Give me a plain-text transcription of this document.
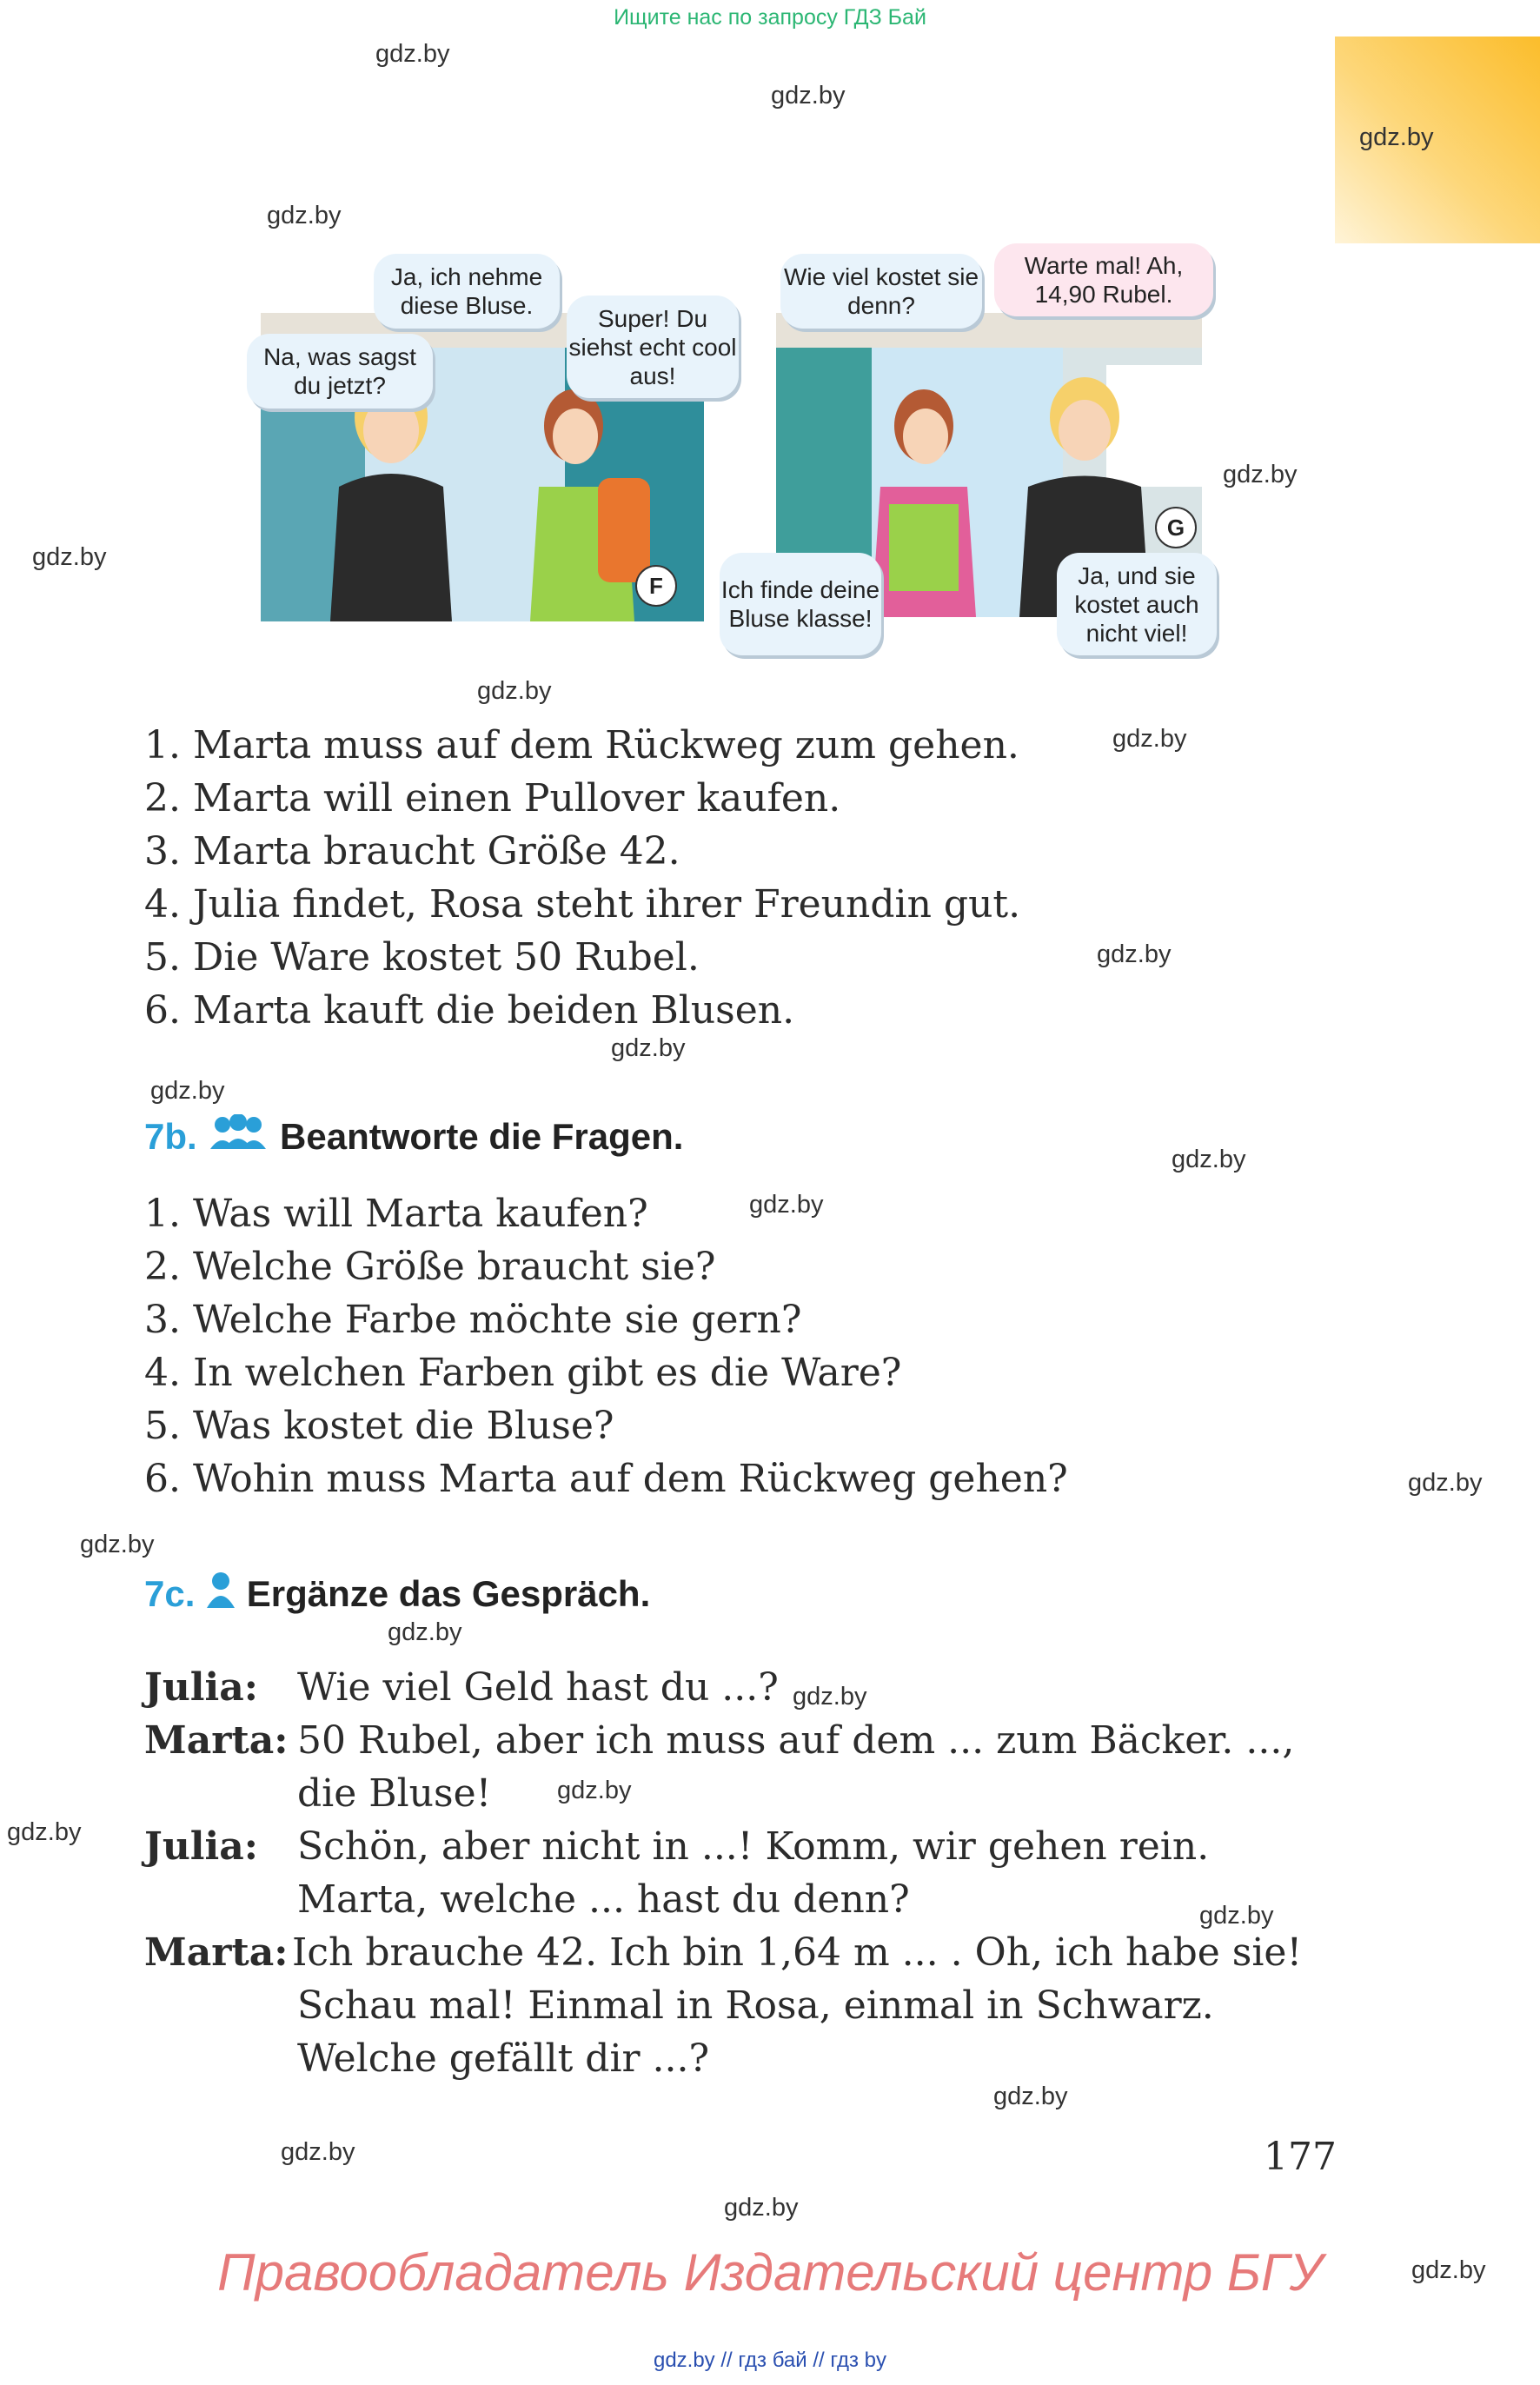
Ищите нас по запросу ГДЗ Бай
gdz.by
gdz.by
gdz.by
gdz.by
gdz.by
gdz.by
gdz.by
gdz.by
gdz.by
gdz.by
gdz.by
gdz.by
gdz.by
gdz.by
gdz.by
gdz.by
gdz.by
gdz.by
gdz.by
gdz.by
gdz.by
gdz.by
gdz.by
gdz.by
F
G
Na, was sagst du jetzt?
Ja, ich nehme diese Bluse.	Super! Du siehst echt cool aus!
Wie viel kostet sie denn?
Warte mal! Ah, 14,90 Rubel.
Ich finde deine Bluse klasse!
Ja, und sie kostet auch nicht viel!
1. Marta muss auf dem Rückweg zum gehen.
2. Marta will einen Pullover kaufen.
3. Marta braucht Größe 42.
4. Julia findet, Rosa steht ihrer Freundin gut.
5. Die Ware kostet 50 Rubel.
6. Marta kauft die beiden Blusen.
7b. Beantworte die Fragen.
1. Was will Marta kaufen?
2. Welche Größe braucht sie?
3. Welche Farbe möchte sie gern?
4. In welchen Farben gibt es die Ware?
5. Was kostet die Bluse?
6. Wohin muss Marta auf dem Rückweg gehen?
7c. Ergänze das Gespräch.
Julia: Wie viel Geld hast du ...?
Marta: 50 Rubel, aber ich muss auf dem ... zum Bäcker. ...,
die Bluse!
Julia: Schön, aber nicht in ...! Komm, wir gehen rein.
Marta, welche ... hast du denn?
Marta: Ich brauche 42. Ich bin 1,64 m ... . Oh, ich habe sie!
Schau mal! Einmal in Rosa, einmal in Schwarz.
Welche gefällt dir ...?
177
Правообладатель Издательский центр БГУ
gdz.by // гдз бай // гдз by
